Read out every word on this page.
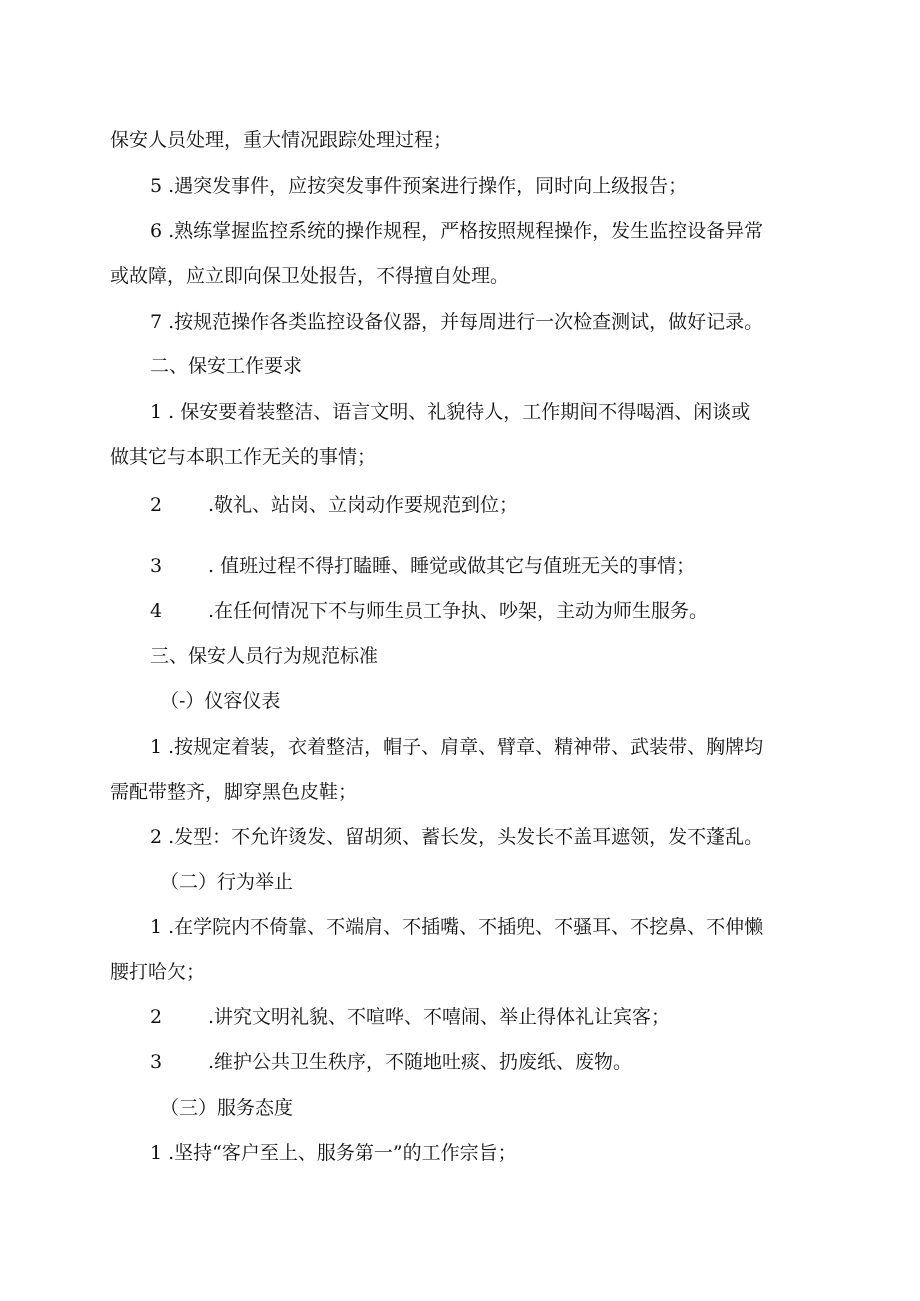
保安人员处理，重大情况跟踪处理过程；
5 .遇突发事件，应按突发事件预案进行操作，同时向上级报告；
6 .熟练掌握监控系统的操作规程，严格按照规程操作，发生监控设备异常
或故障，应立即向保卫处报告，不得擅自处理。
7 .按规范操作各类监控设备仪器，并每周进行一次检查测试，做好记录。
二、保安工作要求
1 . 保安要着装整洁、语言文明、礼貌待人，工作期间不得喝酒、闲谈或
做其它与本职工作无关的事情；
2 .敬礼、站岗、立岗动作要规范到位；
3 . 值班过程不得打瞌睡、睡觉或做其它与值班无关的事情；
4 .在任何情况下不与师生员工争执、吵架，主动为师生服务。
三、保安人员行为规范标准
（-）仪容仪表
1 .按规定着装，衣着整洁，帽子、肩章、臂章、精神带、武装带、胸牌均
需配带整齐，脚穿黑色皮鞋；
2 .发型：不允许烫发、留胡须、蓄长发，头发长不盖耳遮领，发不蓬乱。
（二）行为举止
1 .在学院内不倚靠、不端肩、不插嘴、不插兜、不骚耳、不挖鼻、不伸懒
腰打哈欠；
2 .讲究文明礼貌、不喧哗、不嘻闹、举止得体礼让宾客；
3 .维护公共卫生秩序，不随地吐痰、扔废纸、废物。
（三）服务态度
1 .坚持“客户至上、服务第一”的工作宗旨；
